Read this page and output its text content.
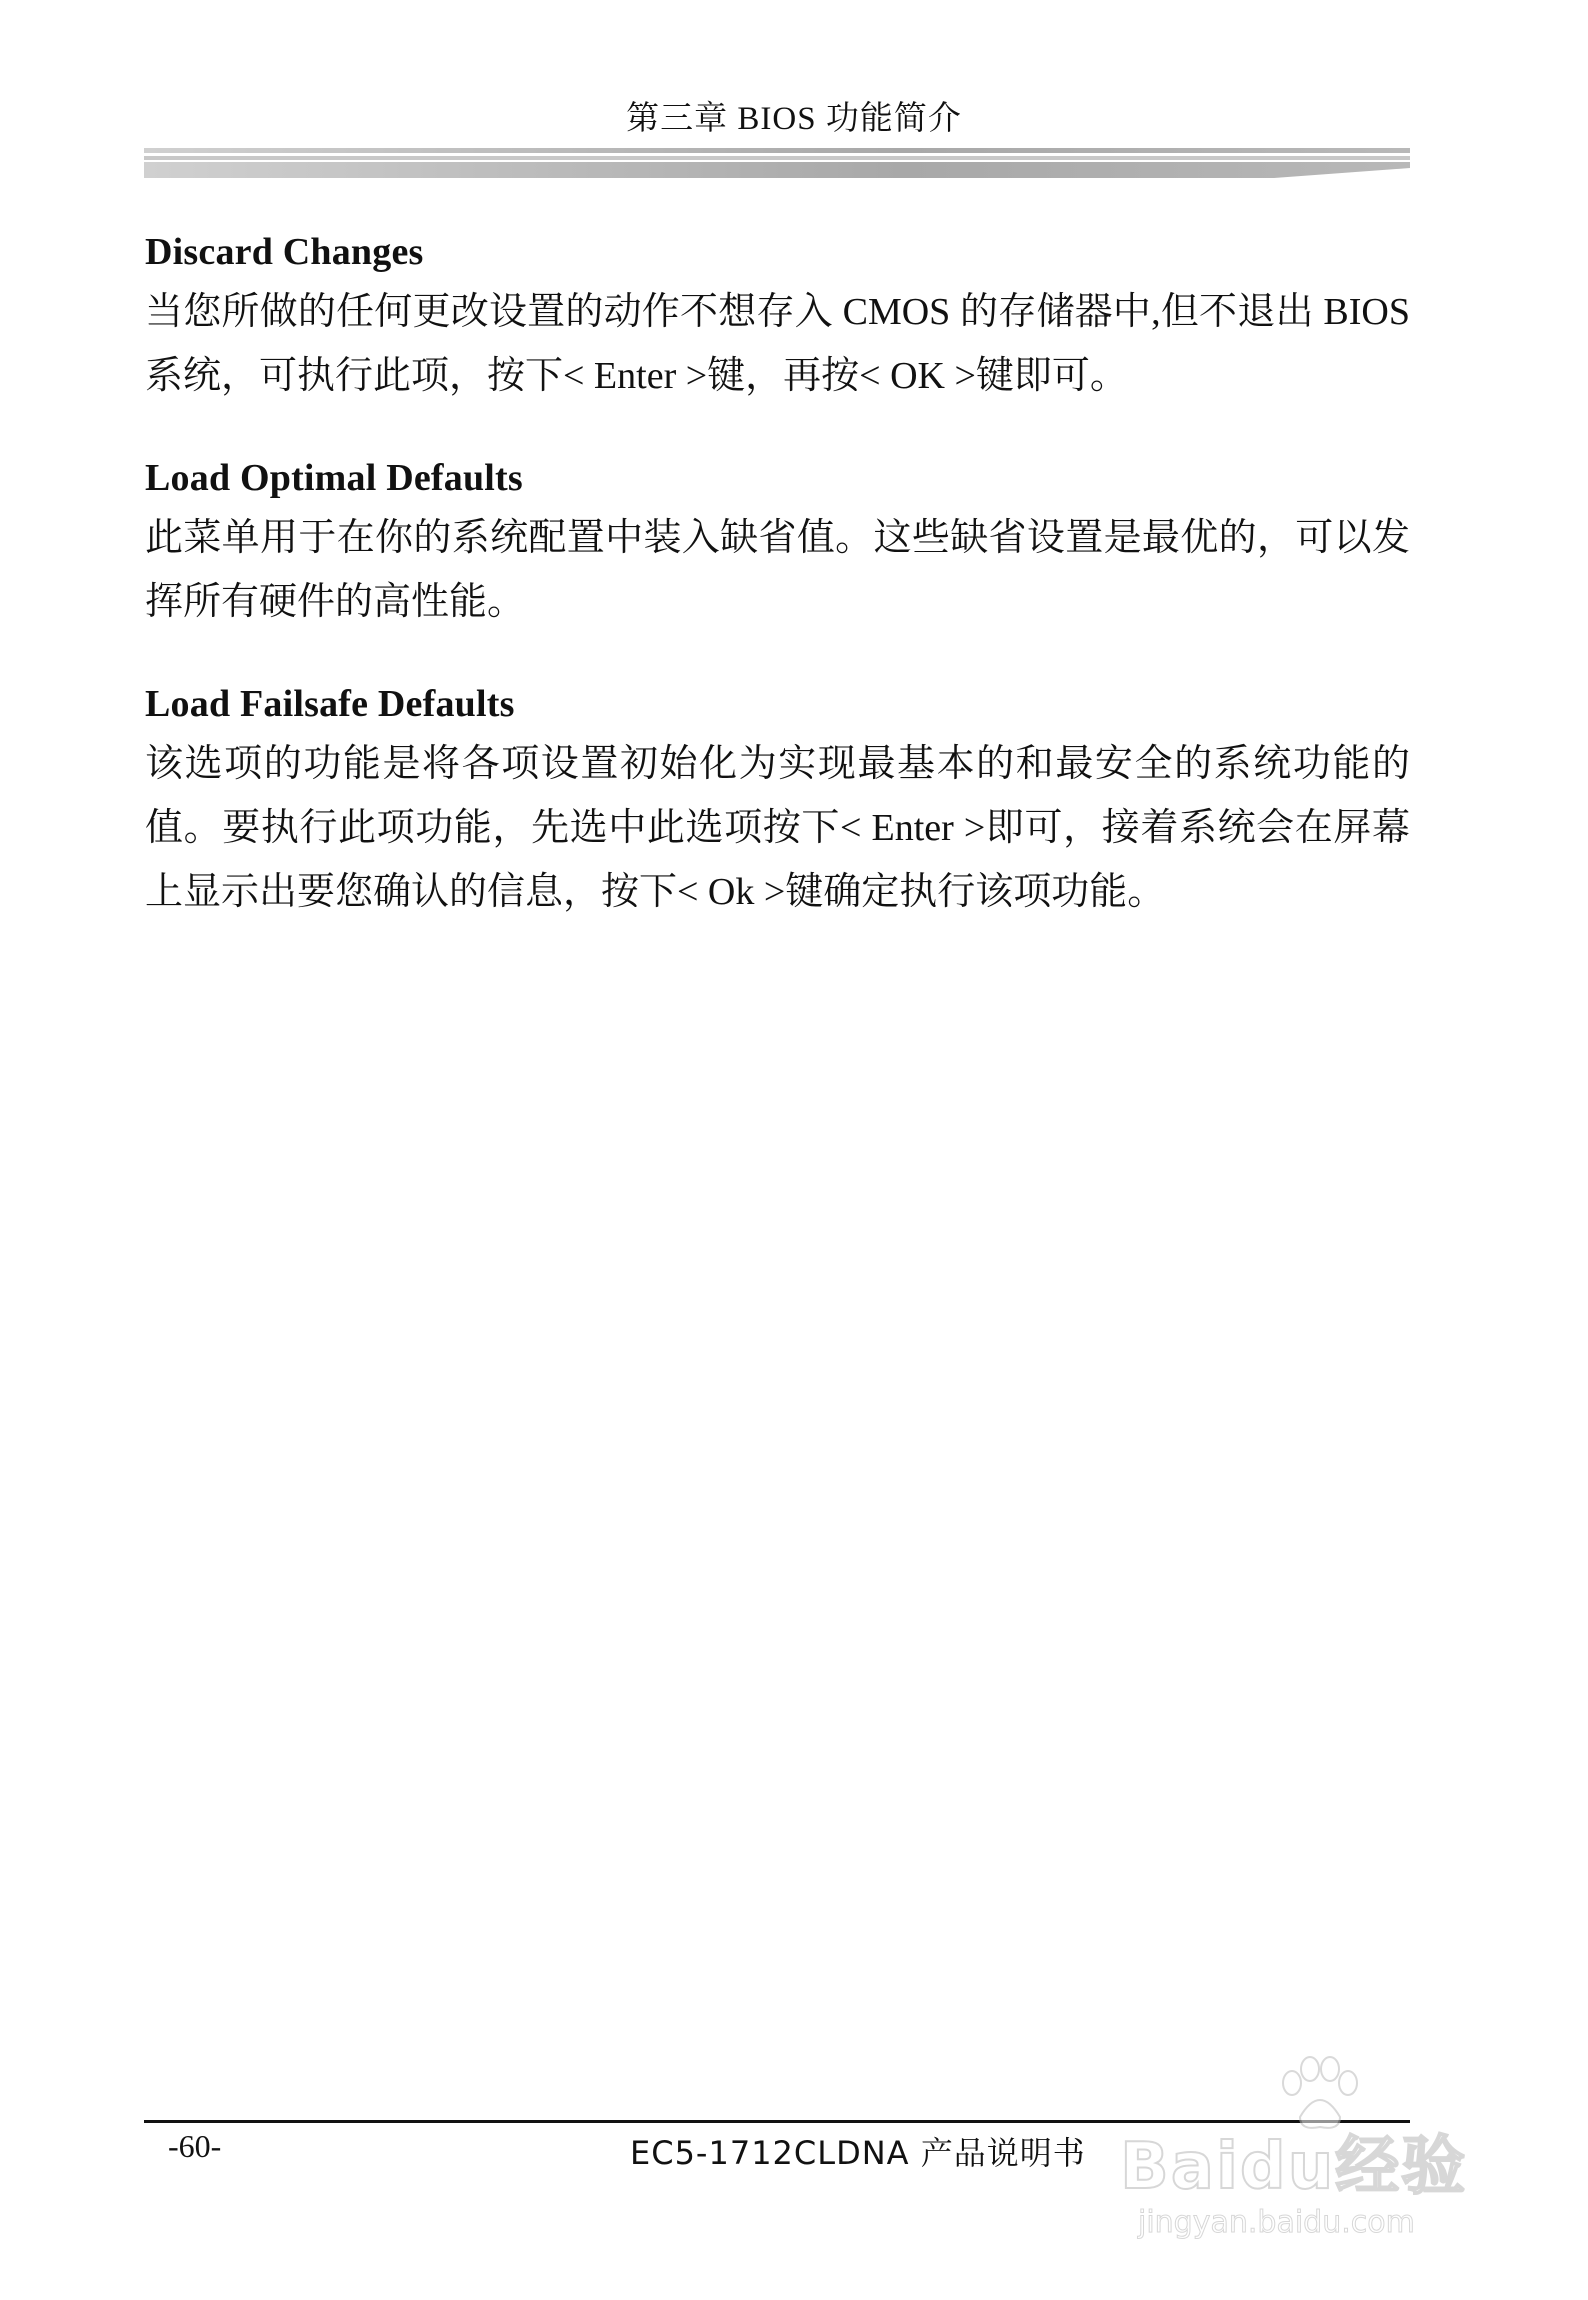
第三章 BIOS 功能简介
Discard Changes

当您所做的任何更改设置的动作不想存入 CMOS 的存储器中,但不退出 BIOS 系统，可执行此项，按下< Enter >键，再按< OK >键即可。

Load Optimal Defaults

此菜单用于在你的系统配置中装入缺省值。这些缺省设置是最优的，可以发挥所有硬件的高性能。

Load Failsafe Defaults

该选项的功能是将各项设置初始化为实现最基本的和最安全的系统功能的值。要执行此项功能，先选中此选项按下< Enter >即可，接着系统会在屏幕上显示出要您确认的信息，按下< Ok >键确定执行该项功能。

-60-	EC5-1712CLDNA 产品说明书 Baidu经验
jingyan.baidu.com
